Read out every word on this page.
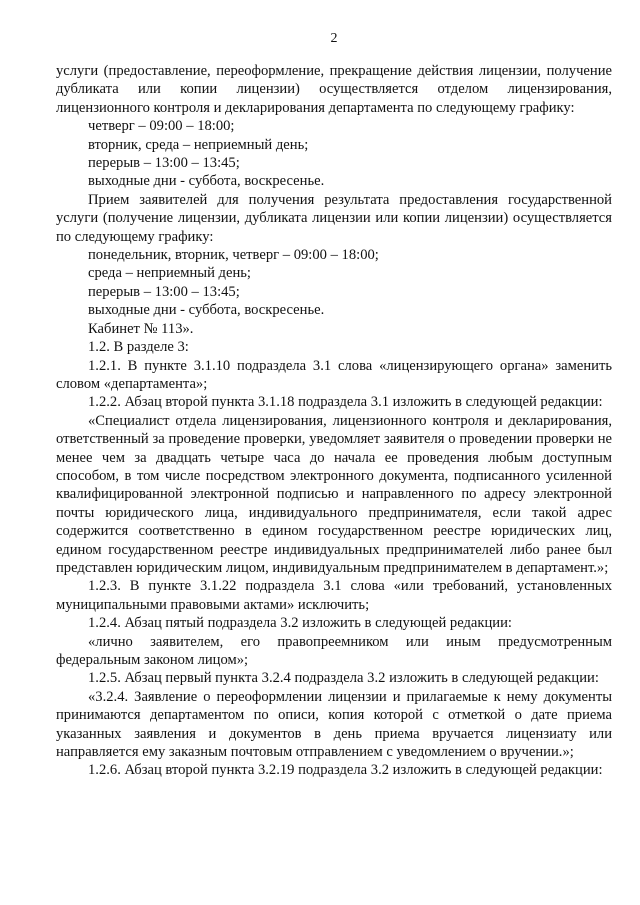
2

услуги (предоставление, переоформление, прекращение действия лицензии, получение дубликата или копии лицензии) осуществляется отделом лицензирования, лицензионного контроля и декларирования департамента по следующему графику:

четверг – 09:00 – 18:00;

вторник, среда – неприемный день;

перерыв – 13:00 – 13:45;

выходные дни - суббота, воскресенье.

Прием заявителей для получения результата предоставления государственной услуги (получение лицензии, дубликата лицензии или копии лицензии) осуществляется по следующему графику:

понедельник, вторник, четверг – 09:00 – 18:00;

среда – неприемный день;

перерыв – 13:00 – 13:45;

выходные дни - суббота, воскресенье.

Кабинет № 113».

1.2. В разделе 3:

1.2.1. В пункте 3.1.10 подраздела 3.1 слова «лицензирующего органа» заменить словом «департамента»;

1.2.2. Абзац второй пункта 3.1.18 подраздела 3.1 изложить в следующей редакции:

«Специалист отдела лицензирования, лицензионного контроля и декларирования, ответственный за проведение проверки, уведомляет заявителя о проведении проверки не менее чем за двадцать четыре часа до начала ее проведения любым доступным способом, в том числе посредством электронного документа, подписанного усиленной квалифицированной электронной подписью и направленного по адресу электронной почты юридического лица, индивидуального предпринимателя, если такой адрес содержится соответственно в едином государственном реестре юридических лиц, едином государственном реестре индивидуальных предпринимателей либо ранее был представлен юридическим лицом, индивидуальным предпринимателем в департамент.»;

1.2.3. В пункте 3.1.22 подраздела 3.1 слова «или требований, установленных муниципальными правовыми актами» исключить;

1.2.4. Абзац пятый подраздела 3.2 изложить в следующей редакции:

«лично заявителем, его правопреемником или иным предусмотренным федеральным законом лицом»;

1.2.5. Абзац первый пункта 3.2.4 подраздела 3.2 изложить в следующей редакции:

«3.2.4. Заявление о переоформлении лицензии и прилагаемые к нему документы принимаются департаментом по описи, копия которой с отметкой о дате приема указанных заявления и документов в день приема вручается лицензиату или направляется ему заказным почтовым отправлением с уведомлением о вручении.»;

1.2.6. Абзац второй пункта 3.2.19 подраздела 3.2 изложить в следующей редакции:
